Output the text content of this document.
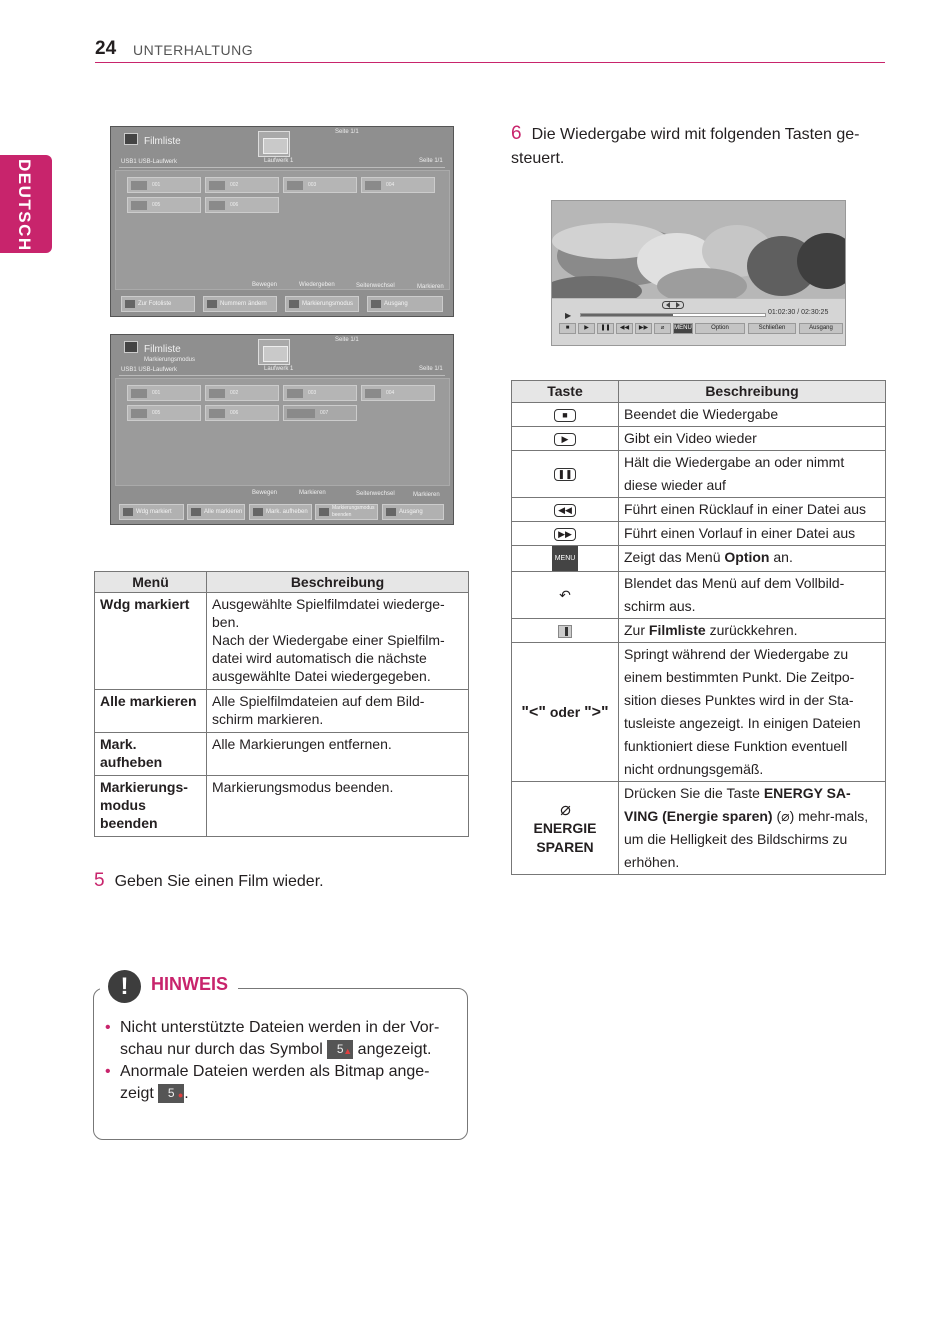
24 UNTERHALTUNG
DEUTSCH
Filmliste
Seite 1/1
USB1 USB-Laufwerk	Laufwerk 1	Seite 1/1
001	002	003	004
005	006
Bewegen	Wiedergeben	Seitenwechsel	Markieren
Zur Fotoliste	Nummern ändern	Markierungsmodus	Ausgang
Filmliste
Markierungsmodus
Seite 1/1
USB1 USB-Laufwerk	Laufwerk 1	Seite 1/1
001	002	003	004
005	006	007
Bewegen	Markieren	Seitenwechsel	Markieren
Wdg markiert	Alle markieren	Mark. aufheben
Markierungsmodus beenden	Ausgang
Menü	Beschreibung
Wdg markiert	Ausgewählte Spielfilmdatei wiederge-ben.
Nach der Wiedergabe einer Spielfilm-datei wird automatisch die nächste ausgewählte Datei wiedergegeben.
Alle markieren	Alle Spielfilmdateien auf dem Bild-schirm markieren.
Mark.
aufheben	Alle Markierungen entfernen.
Markierungs-
modus
beenden	Markierungsmodus beenden.
5 Geben Sie einen Film wieder.
6 Die Wiedergabe wird mit folgenden Tasten ge-steuert.
▶	01:02:30 / 02:30:25
■	▶	❚❚	◀◀	▶▶	⌀	MENU	Option	Schließen	Ausgang
Taste	Beschreibung

■	Beendet die Wiedergabe

▶	Gibt ein Video wieder

❚❚	Hält die Wiedergabe an oder nimmt diese wieder auf

◀◀	Führt einen Rücklauf in einer Datei aus

▶▶	Führt einen Vorlauf in einer Datei aus
MENU	Zeigt das Menü Option an.
↶	Blendet das Menü auf dem Vollbild-schirm aus.
	Zur Filmliste zurückkehren.
"<" oder ">"	Springt während der Wiedergabe zu einem bestimmten Punkt. Die Zeitpo-sition dieses Punktes wird in der Sta-tusleiste angezeigt. In einigen Dateien funktioniert diese Funktion eventuell nicht ordnungsgemäß.

⌀
ENERGIE
SPAREN	Drücken Sie die Taste ENERGY SA-VING (Energie sparen) (⌀) mehr-mals, um die Helligkeit des Bildschirms zu erhöhen.
!	HINWEIS
• Nicht unterstützte Dateien werden in der Vor-schau nur durch das Symbol 5 ▲ angezeigt.
• Anormale Dateien werden als Bitmap ange-zeigt 5 ● .
